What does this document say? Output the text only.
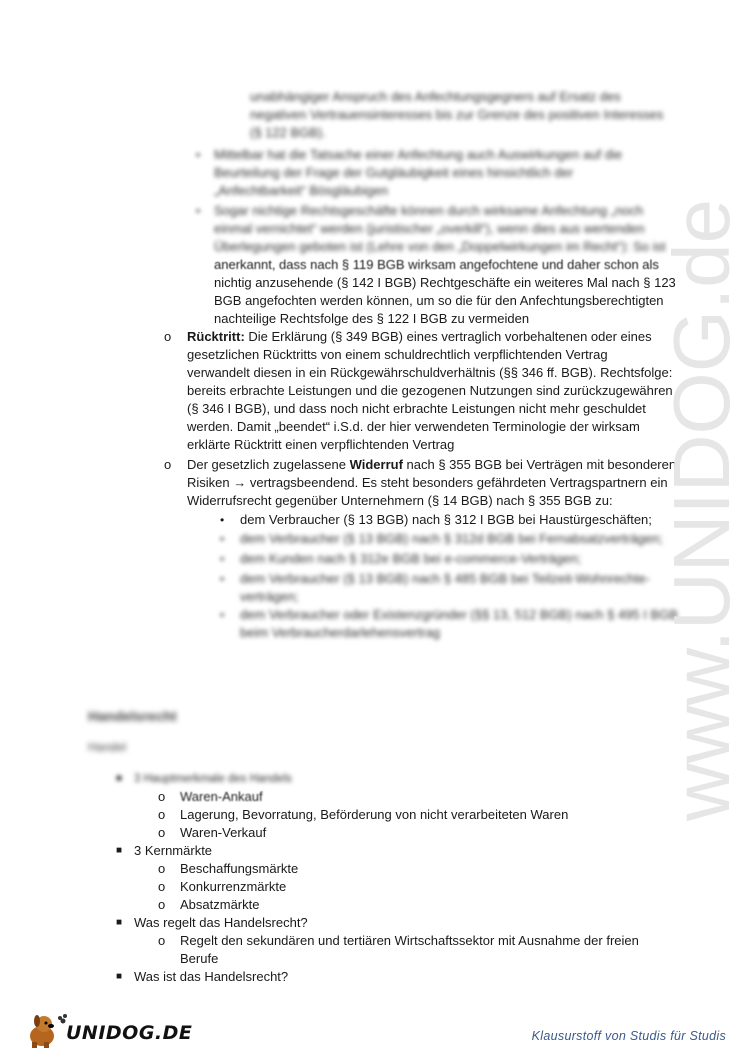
unabhängiger Anspruch des Anfechtungsgegners auf Ersatz des
negativen Vertrauensinteresses bis zur Grenze des positiven Interesses
(§ 122 BGB).
• Mittelbar hat die Tatsache einer Anfechtung auch Auswirkungen auf die
Beurteilung der Frage der Gutgläubigkeit eines hinsichtlich der
„Anfechtbarkeit“ Bösgläubigen
• Sogar nichtige Rechtsgeschäfte können durch wirksame Anfechtung „noch
einmal vernichtet“ werden (juristischer „overkill“), wenn dies aus wertenden
Überlegungen geboten ist (Lehre von den „Doppelwirkungen im Recht“): So ist
anerkannt, dass nach § 119 BGB wirksam angefochtene und daher schon als
nichtig anzusehende (§ 142 I BGB) Rechtgeschäfte ein weiteres Mal nach § 123
BGB angefochten werden können, um so die für den Anfechtungsberechtigten
nachteilige Rechtsfolge des § 122 I BGB zu vermeiden
o Rücktritt: Die Erklärung (§ 349 BGB) eines vertraglich vorbehaltenen oder eines
gesetzlichen Rücktritts von einem schuldrechtlich verpflichtenden Vertrag
verwandelt diesen in ein Rückgewährschuldverhältnis (§§ 346 ff. BGB). Rechtsfolge:
bereits erbrachte Leistungen und die gezogenen Nutzungen sind zurückzugewähren
(§ 346 I BGB), und dass noch nicht erbrachte Leistungen nicht mehr geschuldet
werden. Damit „beendet“ i.S.d. der hier verwendeten Terminologie der wirksam
erklärte Rücktritt einen verpflichtenden Vertrag
o Der gesetzlich zugelassene Widerruf nach § 355 BGB bei Verträgen mit besonderen
Risiken → vertragsbeendend. Es steht besonders gefährdeten Vertragspartnern ein
Widerrufsrecht gegenüber Unternehmern (§ 14 BGB) nach § 355 BGB zu:
• dem Verbraucher (§ 13 BGB) nach § 312 I BGB bei Haustürgeschäften;
• dem Verbraucher (§ 13 BGB) nach § 312d BGB bei Fernabsatzverträgen;
• dem Kunden nach § 312e BGB bei e-commerce-Verträgen;
• dem Verbraucher (§ 13 BGB) nach § 485 BGB bei Teilzeit-Wohnrechte-
verträgen;
• dem Verbraucher oder Existenzgründer (§§ 13, 512 BGB) nach § 495 I BGB
beim Verbraucherdarlehensvertrag	www.UNIDOG.de
Handelsrecht
Handel
■ 3 Hauptmerkmale des Handels
o Waren-Ankauf
o Lagerung, Bevorratung, Beförderung von nicht verarbeiteten Waren
o Waren-Verkauf
■ 3 Kernmärkte
o Beschaffungsmärkte
o Konkurrenzmärkte
o Absatzmärkte
■ Was regelt das Handelsrecht?
o Regelt den sekundären und tertiären Wirtschaftssektor mit Ausnahme der freien
Berufe
■ Was ist das Handelsrecht?
UNIDOG.DE	Klausurstoff von Studis für Studis
